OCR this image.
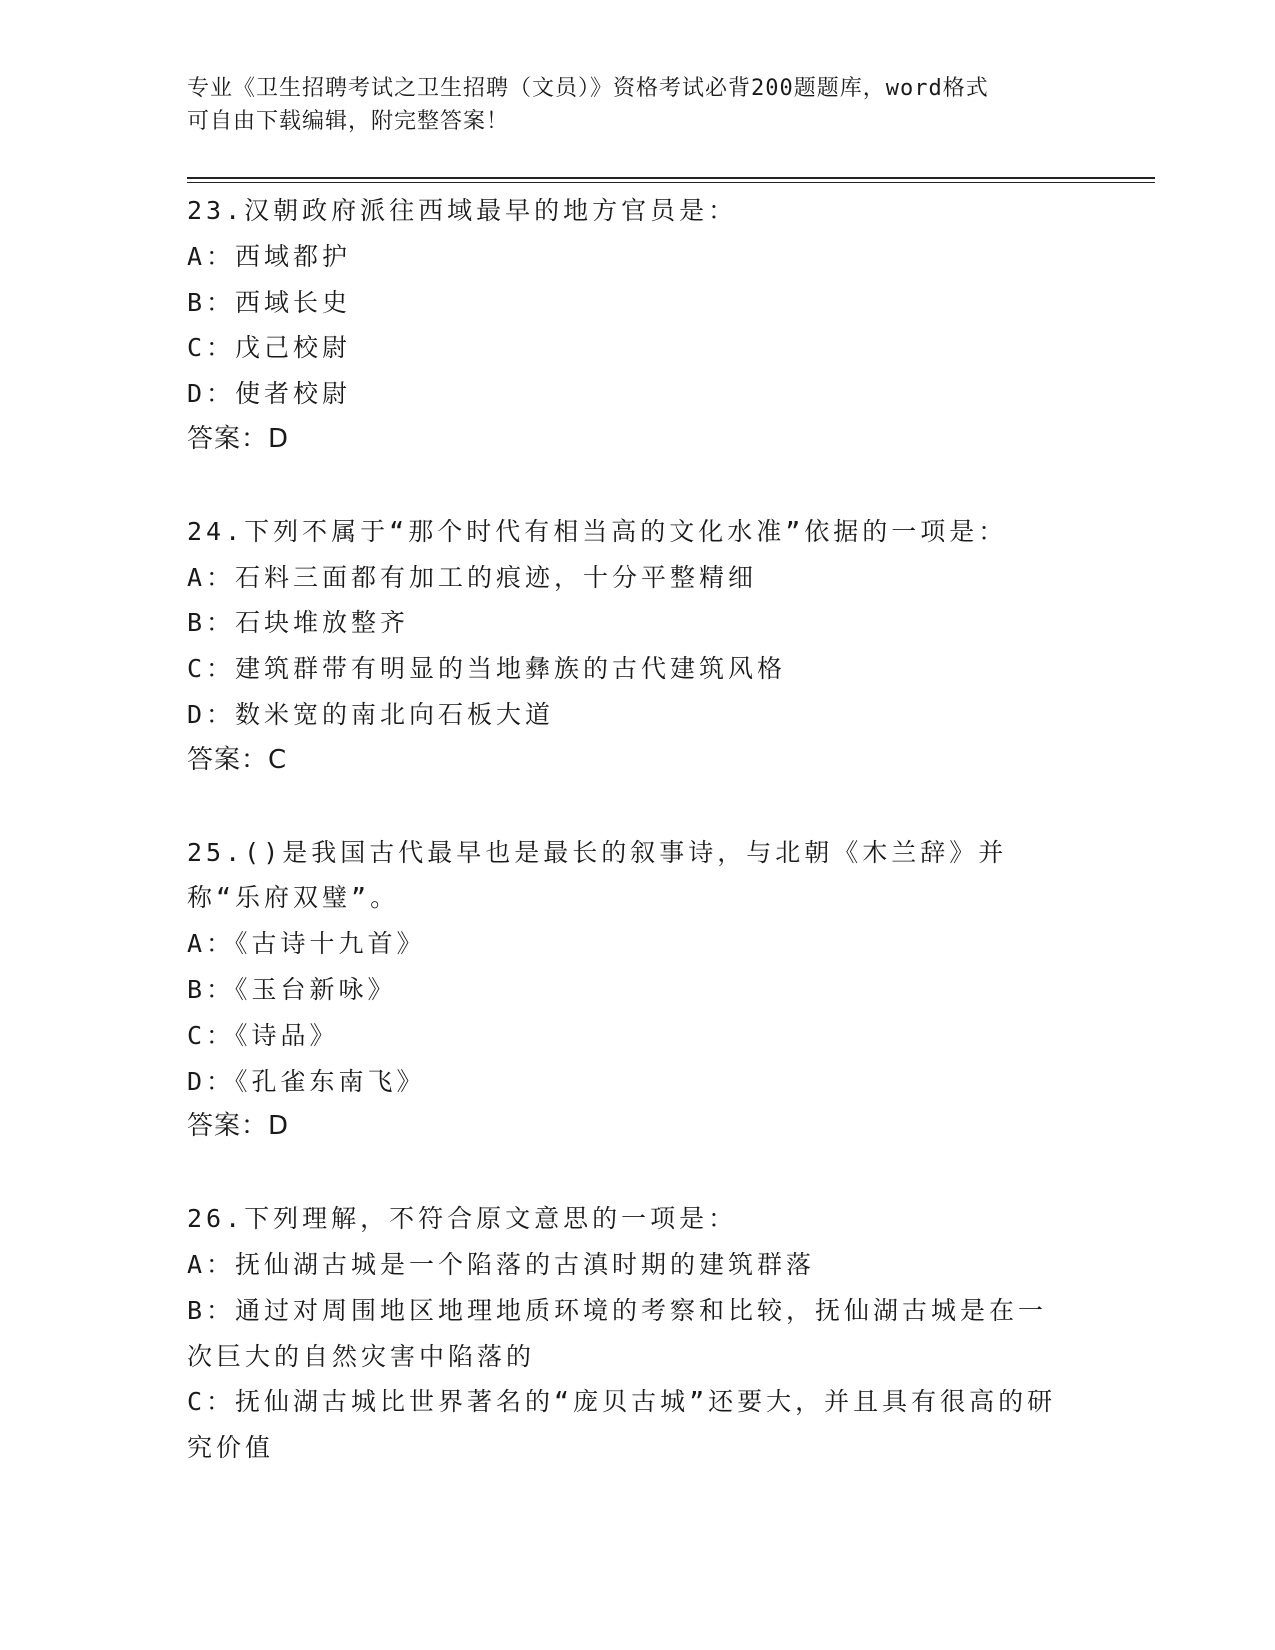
专业《卫生招聘考试之卫生招聘（文员）》资格考试必背200题题库，word格式
可自由下载编辑，附完整答案！
23.汉朝政府派往西域最早的地方官员是：
A：西域都护
B：西域长史
C：戊己校尉
D：使者校尉
答案：D
24.下列不属于“那个时代有相当高的文化水准”依据的一项是：
A：石料三面都有加工的痕迹，十分平整精细
B：石块堆放整齐
C：建筑群带有明显的当地彝族的古代建筑风格
D：数米宽的南北向石板大道
答案：C
25.()是我国古代最早也是最长的叙事诗，与北朝《木兰辞》并称“乐府双璧”。
A：《古诗十九首》
B：《玉台新咏》
C：《诗品》
D：《孔雀东南飞》
答案：D
26.下列理解，不符合原文意思的一项是：
A：抚仙湖古城是一个陷落的古滇时期的建筑群落
B：通过对周围地区地理地质环境的考察和比较，抚仙湖古城是在一次巨大的自然灾害中陷落的
C：抚仙湖古城比世界著名的“庞贝古城”还要大，并且具有很高的研究价值
